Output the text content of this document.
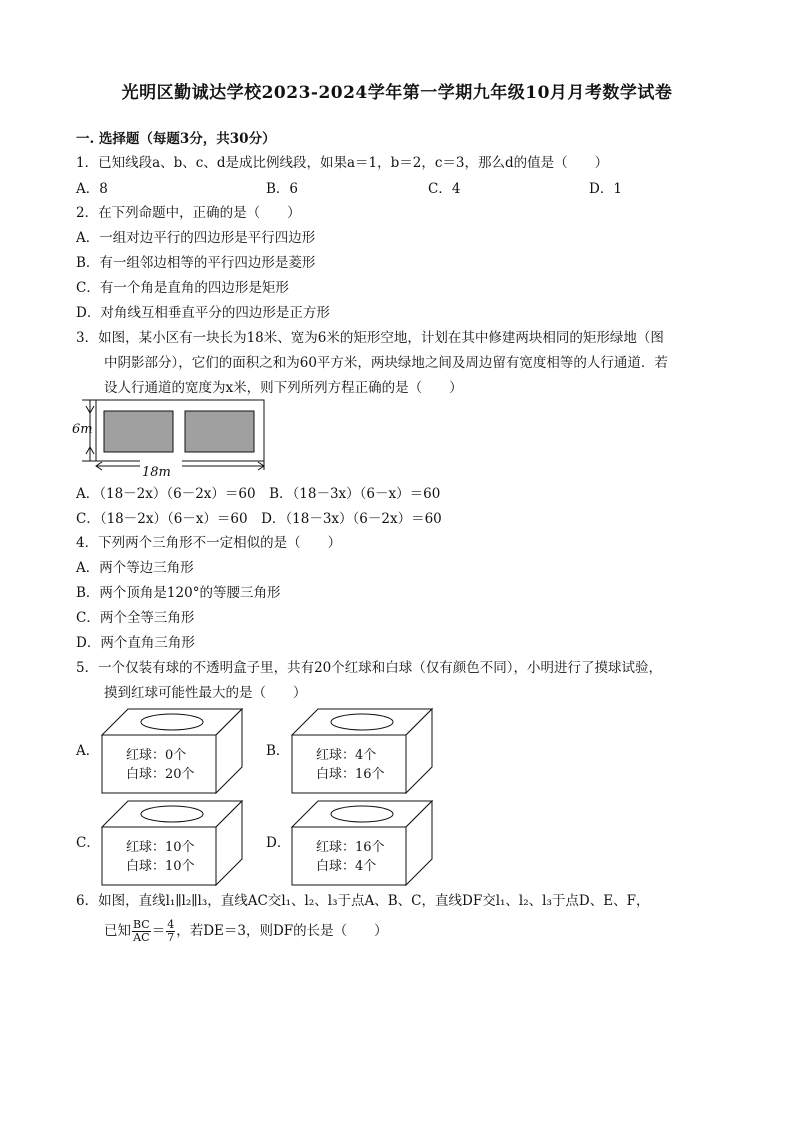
光明区勤诚达学校2023-2024学年第一学期九年级10月月考数学试卷
一. 选择题（每题3分，共30分）
1．已知线段a、b、c、d是成比例线段，如果a＝1，b＝2，c＝3，那么d的值是（　　）
A．8	B．6	C．4	D．1
2．在下列命题中，正确的是（　　）
A．一组对边平行的四边形是平行四边形
B．有一组邻边相等的平行四边形是菱形
C．有一个角是直角的四边形是矩形
D．对角线互相垂直平分的四边形是正方形
3．如图，某小区有一块长为18米、宽为6米的矩形空地，计划在其中修建两块相同的矩形绿地（图
中阴影部分），它们的面积之和为60平方米，两块绿地之间及周边留有宽度相等的人行通道．若
设人行通道的宽度为x米，则下列所列方程正确的是（　　）
6m
18m
A．（18－2x）（6－2x）＝60　B．（18－3x）（6－x）＝60
C．（18－2x）（6－x）＝60　D．（18－3x）（6－2x）＝60
4．下列两个三角形不一定相似的是（　　）
A．两个等边三角形
B．两个顶角是120°的等腰三角形
C．两个全等三角形
D．两个直角三角形
5．一个仅装有球的不透明盒子里，共有20个红球和白球（仅有颜色不同），小明进行了摸球试验，
摸到红球可能性最大的是（　　）
A． 红球：0个
白球：20个
B． 红球：4个
白球：16个
C． 红球：10个
白球：10个
D． 红球：16个
白球：4个
6．如图，直线l₁∥l₂∥l₃，直线AC交l₁、l₂、l₃于点A、B、C，直线DF交l₁、l₂、l₃于点D、E、F，
已知 $\frac{BC}{AC} = \frac{4}{7}$ ，若DE＝3，则DF的长是（　　）
